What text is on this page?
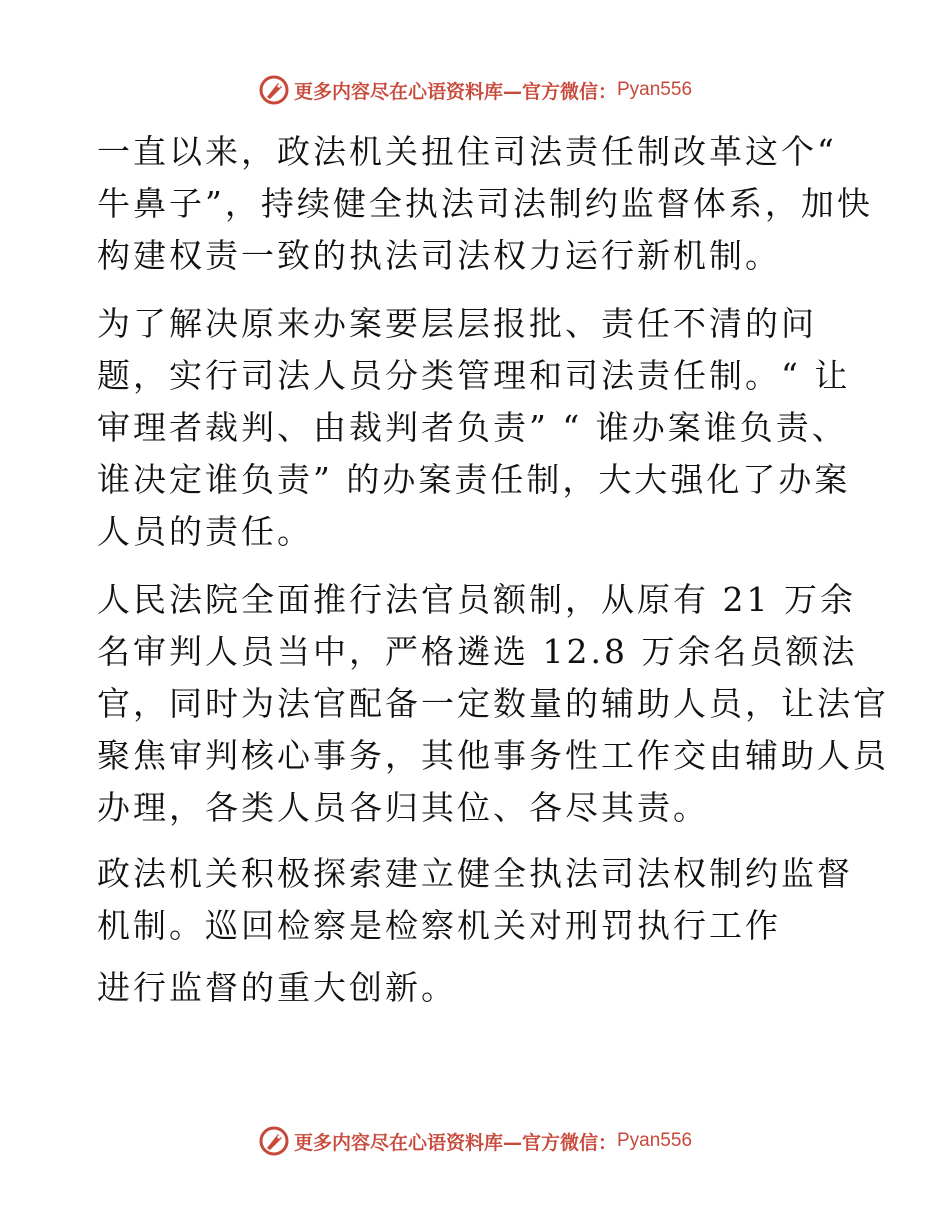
更多内容尽在心语资料库—官方微信： Pyan556

一直以来，政法机关扭住司法责任制改革这个“
牛鼻子”，持续健全执法司法制约监督体系，加快
构建权责一致的执法司法权力运行新机制。

为了解决原来办案要层层报批、责任不清的问
题，实行司法人员分类管理和司法责任制。“ 让
审理者裁判、由裁判者负责” “ 谁办案谁负责、
谁决定谁负责” 的办案责任制，大大强化了办案
人员的责任。

人民法院全面推行法官员额制，从原有 21 万余
名审判人员当中，严格遴选 12.8 万余名员额法
官，同时为法官配备一定数量的辅助人员，让法官
聚焦审判核心事务，其他事务性工作交由辅助人员
办理，各类人员各归其位、各尽其责。

政法机关积极探索建立健全执法司法权制约监督
机制。巡回检察是检察机关对刑罚执行工作

进行监督的重大创新。

更多内容尽在心语资料库—官方微信： Pyan556
